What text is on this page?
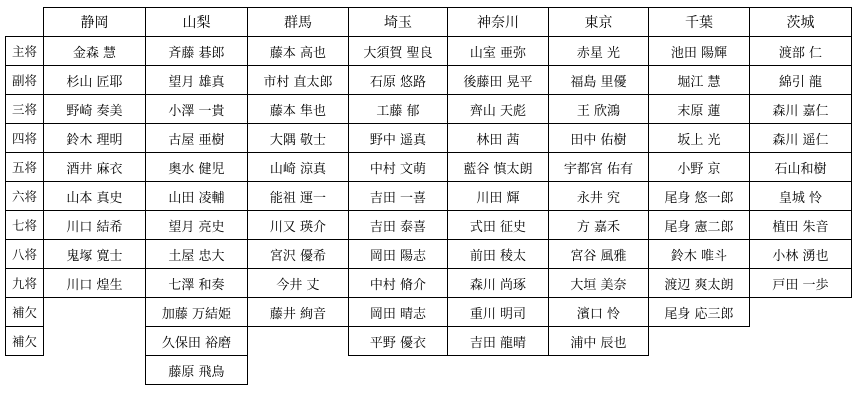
	静岡	山梨	群馬	埼玉	神奈川	東京	千葉	茨城
主将	金森 慧	斉藤 碁郎	藤本 高也	大須賀 聖良	山室 亜弥	赤星 光	池田 陽輝	渡部 仁
副将	杉山 匠耶	望月 雄真	市村 直太郎	石原 悠路	後藤田 晃平	福島 里優	堀江 慧	綿引 龍
三将	野崎 奏美	小澤 一貴	藤本 隼也	工藤 郁	齊山 天彪	王 欣鴻	末原 蓮	森川 嘉仁
四将	鈴木 理明	古屋 亜樹	大隅 敬士	野中 遥真	林田 茜	田中 佑樹	坂上 光	森川 遥仁
五将	酒井 麻衣	奥水 健児	山崎 涼真	中村 文萌	藍谷 慎太朗	宇都宮 佑有	小野 京	石山和樹
六将	山本 真史	山田 凌輔	能祖 運一	吉田 一喜	川田 輝	永井 究	尾身 悠一郎	皇城 怜
七将	川口 結希	望月 亮史	川又 瑛介	吉田 泰喜	式田 征史	方 嘉禾	尾身 憲二郎	植田 朱音
八将	鬼塚 寛士	土屋 忠大	宮沢 優希	岡田 陽志	前田 稜太	宮谷 風雅	鈴木 唯斗	小林 湧也
九将	川口 煌生	七澤 和奏	今井 丈	中村 脩介	森川 尚琢	大垣 美奈	渡辺 爽太朗	戸田 一歩
補欠		加藤 万結姫	藤井 絢音	岡田 晴志	重川 明司	濱口 怜	尾身 応三郎	
補欠		久保田 裕磨		平野 優衣	吉田 龍晴	浦中 辰也		
		藤原 飛鳥						
